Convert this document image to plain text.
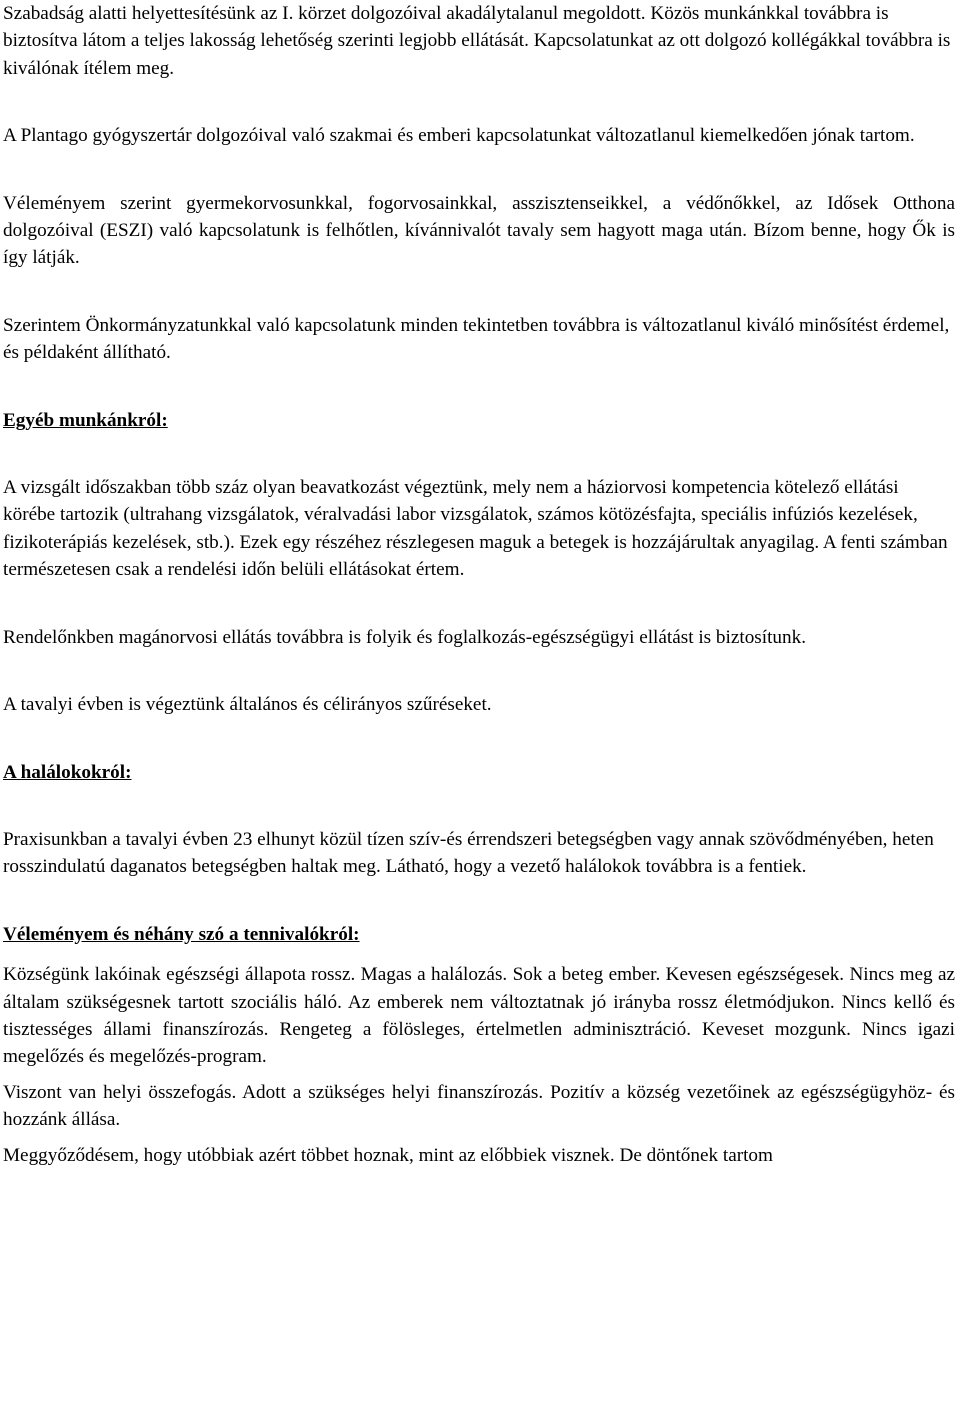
Szabadság alatti helyettesítésünk az I. körzet dolgozóival akadálytalanul megoldott. Közös munkánkkal továbbra is biztosítva látom a teljes lakosság lehetőség szerinti legjobb ellátását. Kapcsolatunkat az ott dolgozó kollégákkal továbbra is kiválónak ítélem meg.

A Plantago gyógyszertár dolgozóival való szakmai és emberi kapcsolatunkat változatlanul kiemelkedően jónak tartom.

Véleményem szerint gyermekorvosunkkal, fogorvosainkkal, asszisztenseikkel, a védőnőkkel, az Idősek Otthona dolgozóival (ESZI) való kapcsolatunk is felhőtlen, kívánnivalót tavaly sem hagyott maga után. Bízom benne, hogy Ők is így látják.

Szerintem Önkormányzatunkkal való kapcsolatunk minden tekintetben továbbra is változatlanul kiváló minősítést érdemel, és példaként állítható.

Egyéb munkánkról:

A vizsgált időszakban több száz olyan beavatkozást végeztünk, mely nem a háziorvosi kompetencia kötelező ellátási körébe tartozik (ultrahang vizsgálatok, véralvadási labor vizsgálatok, számos kötözésfajta, speciális infúziós kezelések, fizikoterápiás kezelések, stb.). Ezek egy részéhez részlegesen maguk a betegek is hozzájárultak anyagilag. A fenti számban természetesen csak a rendelési időn belüli ellátásokat értem.

Rendelőnkben magánorvosi ellátás továbbra is folyik és foglalkozás-egészségügyi ellátást is biztosítunk.

A tavalyi évben is végeztünk általános és célirányos szűréseket.

A halálokokról:

Praxisunkban a tavalyi évben 23 elhunyt közül tízen szív-és érrendszeri betegségben vagy annak szövődményében, heten rosszindulatú daganatos betegségben haltak meg. Látható, hogy a vezető halálokok továbbra is a fentiek.

Véleményem és néhány szó a tennivalókról:

Községünk lakóinak egészségi állapota rossz. Magas a halálozás. Sok a beteg ember. Kevesen egészségesek. Nincs meg az általam szükségesnek tartott szociális háló. Az emberek nem változtatnak jó irányba rossz életmódjukon. Nincs kellő és tisztességes állami finanszírozás. Rengeteg a fölösleges, értelmetlen adminisztráció. Keveset mozgunk. Nincs igazi megelőzés és megelőzés-program.

Viszont van helyi összefogás. Adott a szükséges helyi finanszírozás. Pozitív a község vezetőinek az egészségügyhöz- és hozzánk állása.

Meggyőződésem, hogy utóbbiak azért többet hoznak, mint az előbbiek visznek. De döntőnek tartom
